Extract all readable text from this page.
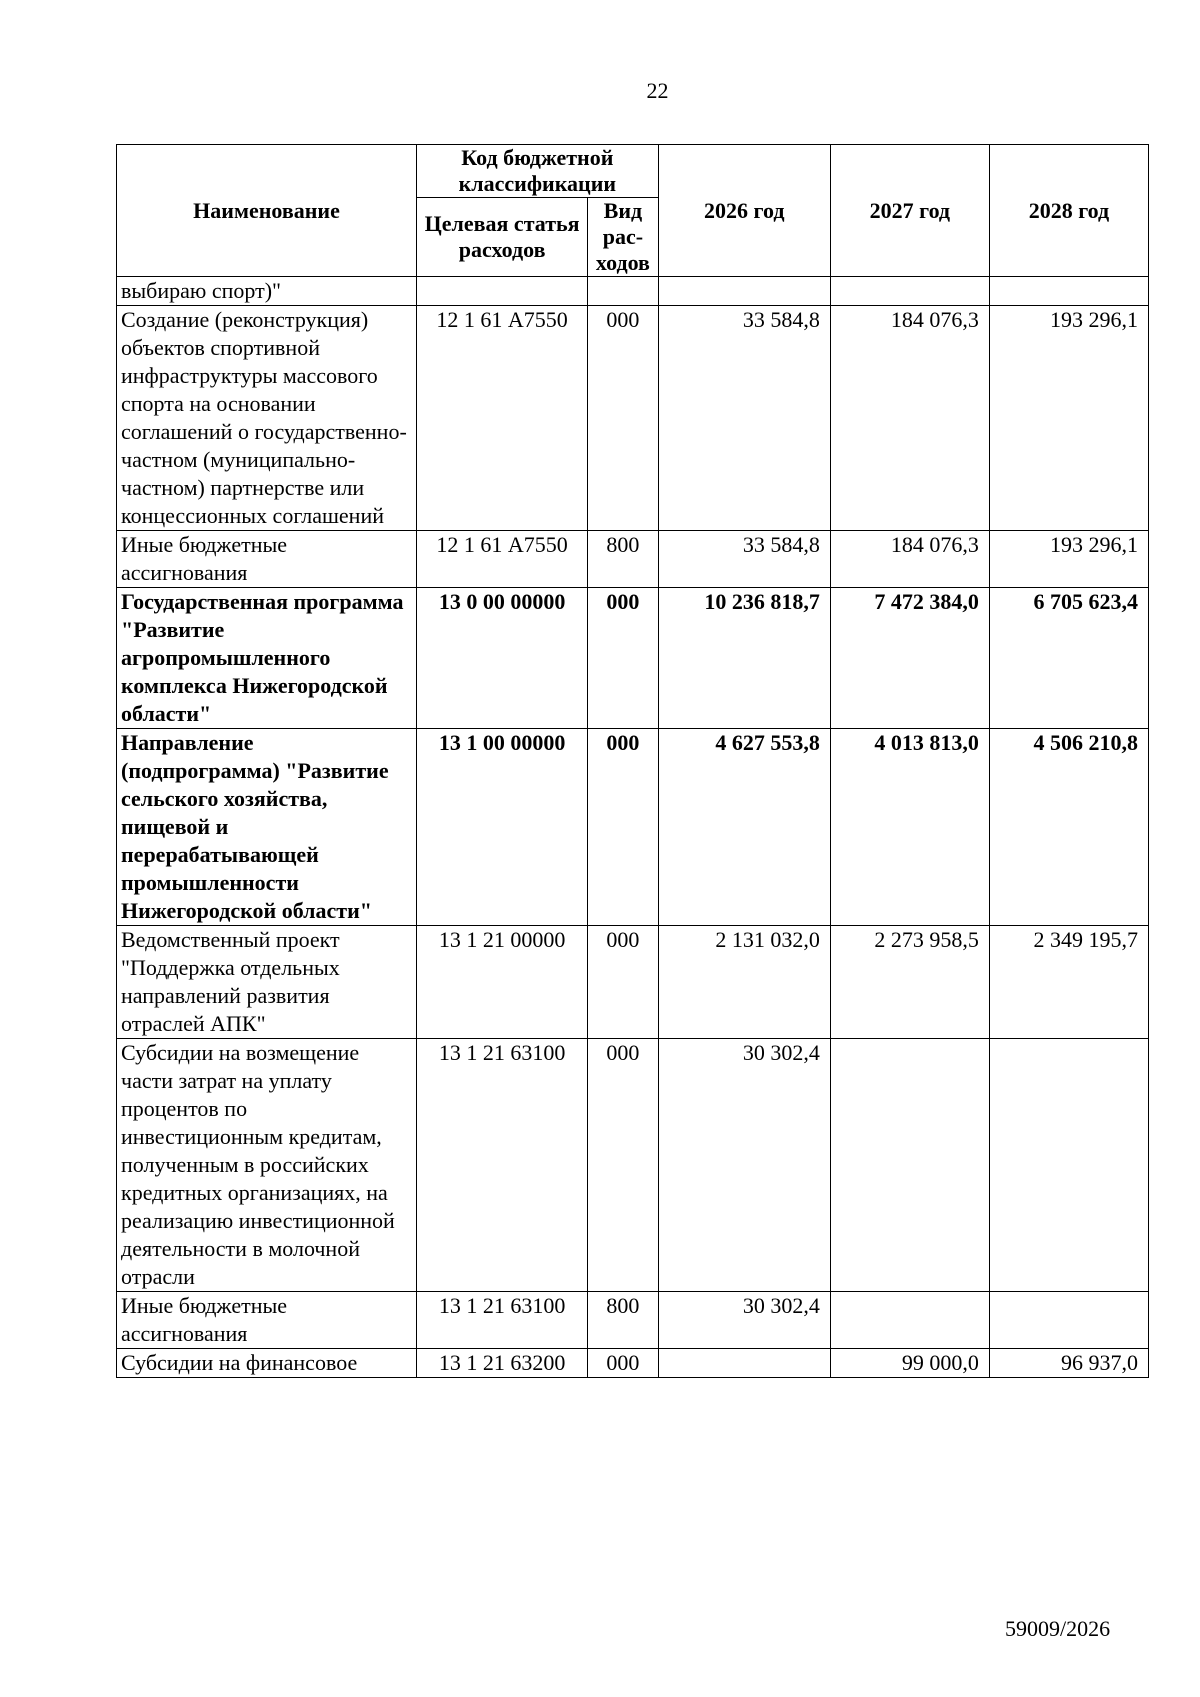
22
Наименование	Код бюджетной классификации		2026 год	2027 год	2028 год
	Целевая статья расходов	Вид рас-ходов			
выбираю спорт)"					
Создание (реконструкция) объектов спортивной инфраструктуры массового спорта на основании соглашений о государственно-частном (муниципально-частном) партнерстве или концессионных соглашений	12 1 61 А7550	000	33 584,8	184 076,3	193 296,1
Иные бюджетные ассигнования	12 1 61 А7550	800	33 584,8	184 076,3	193 296,1
Государственная программа "Развитие агропромышленного комплекса Нижегородской области"	13 0 00 00000	000	10 236 818,7	7 472 384,0	6 705 623,4
Направление (подпрограмма) "Развитие сельского хозяйства, пищевой и перерабатывающей промышленности Нижегородской области"	13 1 00 00000	000	4 627 553,8	4 013 813,0	4 506 210,8
Ведомственный проект "Поддержка отдельных направлений развития отраслей АПК"	13 1 21 00000	000	2 131 032,0	2 273 958,5	2 349 195,7
Субсидии на возмещение части затрат на уплату процентов по инвестиционным кредитам, полученным в российских кредитных организациях, на реализацию инвестиционной деятельности в молочной отрасли	13 1 21 63100	000	30 302,4		
Иные бюджетные ассигнования	13 1 21 63100	800	30 302,4		
Субсидии на финансовое	13 1 21 63200	000		99 000,0	96 937,0
59009/2026
